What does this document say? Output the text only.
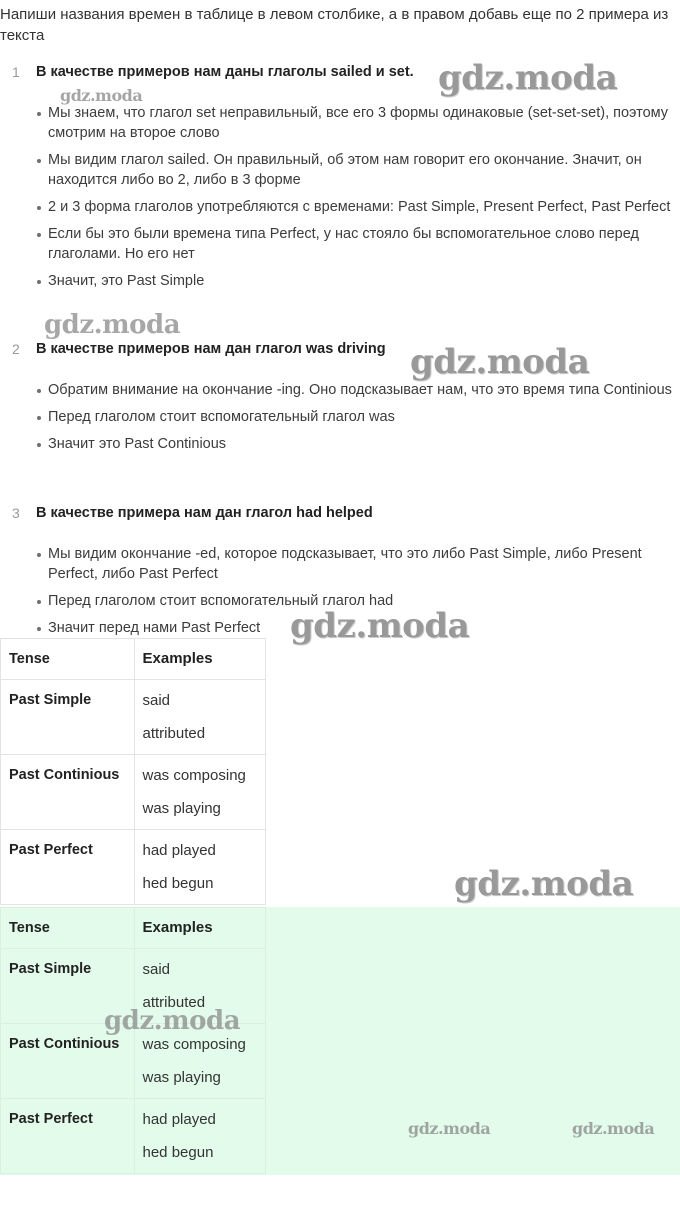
Напиши названия времен в таблице в левом столбике, а в правом добавь еще по 2 примера из текста
1 В качестве примеров нам даны глаголы sailed и set.
Мы знаем, что глагол set неправильный, все его 3 формы одинаковые (set-set-set), поэтому смотрим на второе слово
Мы видим глагол sailed. Он правильный, об этом нам говорит его окончание. Значит, он находится либо во 2, либо в 3 форме
2 и 3 форма глаголов употребляются с временами: Past Simple, Present Perfect, Past Perfect
Если бы это были времена типа Perfect, у нас стояло бы вспомогательное слово перед глаголами. Но его нет
Значит, это Past Simple
2 В качестве примеров нам дан глагол was driving
Обратим внимание на окончание -ing. Оно подсказывает нам, что это время типа Continious
Перед глаголом стоит вспомогательный глагол was
Значит это Past Continious
3 В качестве примера нам дан глагол had helped
Мы видим окончание -ed, которое подсказывает, что это либо Past Simple, либо Present Perfect, либо Past Perfect
Перед глаголом стоит вспомогательный глагол had
Значит перед нами Past Perfect
Tense	Examples

Past Simple	said
attributed

Past Continious	was composing
was playing

Past Perfect	had played
hed begun
Tense	Examples

Past Simple	said
attributed

Past Continious	was composing
was playing

Past Perfect	had played
hed begun
gdz.moda
gdz.moda
gdz.moda
gdz.moda
gdz.moda
gdz.moda
gdz.moda
gdz.moda	gdz.moda
